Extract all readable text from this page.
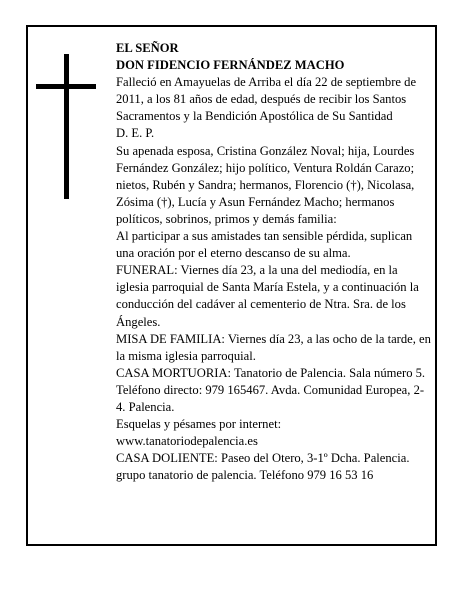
EL SEÑOR

DON FIDENCIO FERNÁNDEZ MACHO

Falleció en Amayuelas de Arriba el día 22 de septiembre de 2011, a los 81 años de edad, después de recibir los Santos Sacramentos y la Bendición Apostólica de Su Santidad

D. E. P.

Su apenada esposa, Cristina González Noval; hija, Lourdes Fernández González; hijo político, Ventura Roldán Carazo; nietos, Rubén y Sandra; hermanos, Florencio (†), Nicolasa, Zósima (†), Lucía y Asun Fernández Macho; hermanos políticos, sobrinos, primos y demás familia:

Al participar a sus amistades tan sensible pérdida, suplican una oración por el eterno descanso de su alma.

FUNERAL: Viernes día 23, a la una del mediodía, en la iglesia parroquial de Santa María Estela, y a continuación la conducción del cadáver al cementerio de Ntra. Sra. de los Ángeles.

MISA DE FAMILIA: Viernes día 23, a las ocho de la tarde, en la misma iglesia parroquial.

CASA MORTUORIA: Tanatorio de Palencia. Sala número 5. Teléfono directo: 979 165467. Avda. Comunidad Europea, 2-4. Palencia.

Esquelas y pésames por internet:

www.tanatoriodepalencia.es

CASA DOLIENTE: Paseo del Otero, 3-1º Dcha. Palencia.

grupo tanatorio de palencia. Teléfono 979 16 53 16
